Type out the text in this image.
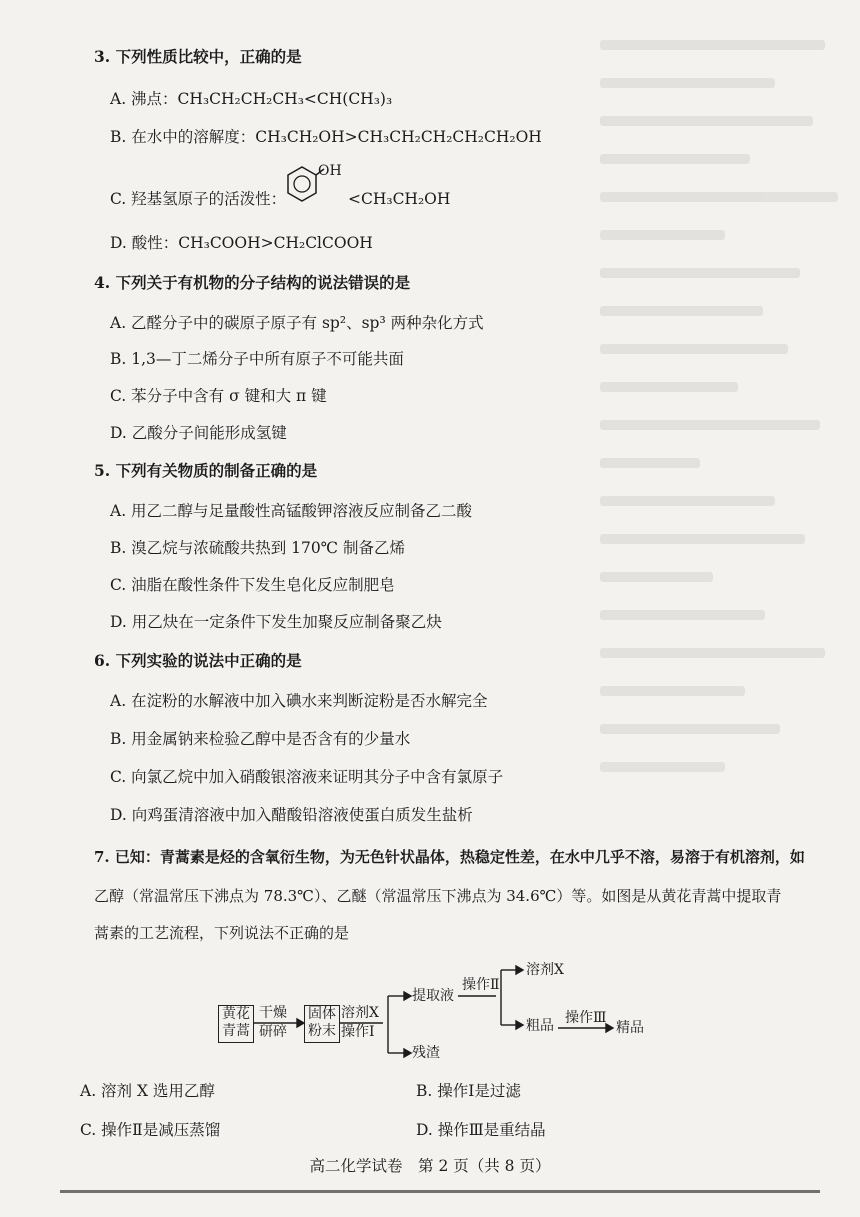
3. 下列性质比较中，正确的是
A. 沸点：CH₃CH₂CH₂CH₃<CH(CH₃)₃
B. 在水中的溶解度：CH₃CH₂OH>CH₃CH₂CH₂CH₂CH₂OH
C. 羟基氢原子的活泼性：
OH
<CH₃CH₂OH
D. 酸性：CH₃COOH>CH₂ClCOOH
4. 下列关于有机物的分子结构的说法错误的是
A. 乙醛分子中的碳原子原子有 sp²、sp³ 两种杂化方式
B. 1,3—丁二烯分子中所有原子不可能共面
C. 苯分子中含有 σ 键和大 π 键
D. 乙酸分子间能形成氢键
5. 下列有关物质的制备正确的是
A. 用乙二醇与足量酸性高锰酸钾溶液反应制备乙二酸
B. 溴乙烷与浓硫酸共热到 170℃ 制备乙烯
C. 油脂在酸性条件下发生皂化反应制肥皂
D. 用乙炔在一定条件下发生加聚反应制备聚乙炔
6. 下列实验的说法中正确的是
A. 在淀粉的水解液中加入碘水来判断淀粉是否水解完全
B. 用金属钠来检验乙醇中是否含有的少量水
C. 向氯乙烷中加入硝酸银溶液来证明其分子中含有氯原子
D. 向鸡蛋清溶液中加入醋酸铅溶液使蛋白质发生盐析
7. 已知：青蒿素是烃的含氧衍生物，为无色针状晶体，热稳定性差，在水中几乎不溶，易溶于有机溶剂，如
乙醇（常温常压下沸点为 78.3℃）、乙醚（常温常压下沸点为 34.6℃）等。如图是从黄花青蒿中提取青
蒿素的工艺流程，下列说法不正确的是
黄花
青蒿
干燥
研碎
固体
粉末
溶剂X
操作Ⅰ
提取液
残渣
操作Ⅱ
溶剂X
粗品 操作Ⅲ
精品
A. 溶剂 X 选用乙醇	B. 操作Ⅰ是过滤
C. 操作Ⅱ是减压蒸馏	D. 操作Ⅲ是重结晶
高二化学试卷　第 2 页（共 8 页）
